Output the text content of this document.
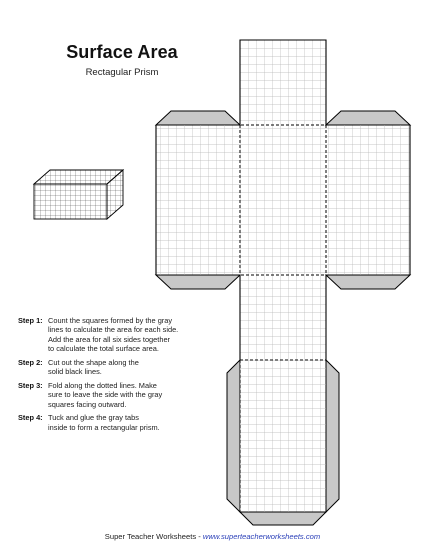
Surface Area
Rectagular Prism
Step 1: Count the squares formed by the gray
lines to calculate the area for each side.
Add the area for all six sides together
to calculate the total surface area.
Step 2: Cut out the shape along the
solid black lines.
Step 3: Fold along the dotted lines. Make
sure to leave the side with the gray
squares facing outward.
Step 4: Tuck and glue the gray tabs
inside to form a rectangular prism.
Super Teacher Worksheets - www.superteacherworksheets.com
